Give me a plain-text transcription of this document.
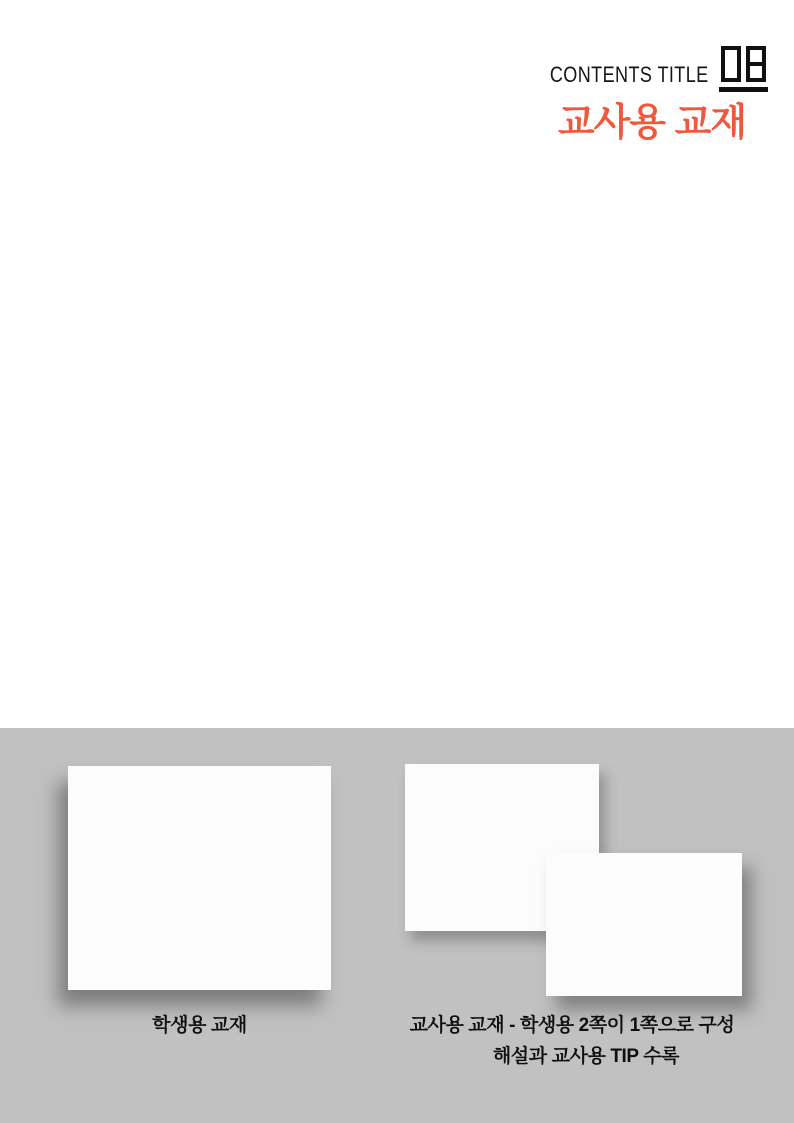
CONTENTS TITLE
교사용 교재
학생용 교재	교사용 교재 - 학생용 2쪽이 1쪽으로 구성
해설과 교사용 TIP 수록
